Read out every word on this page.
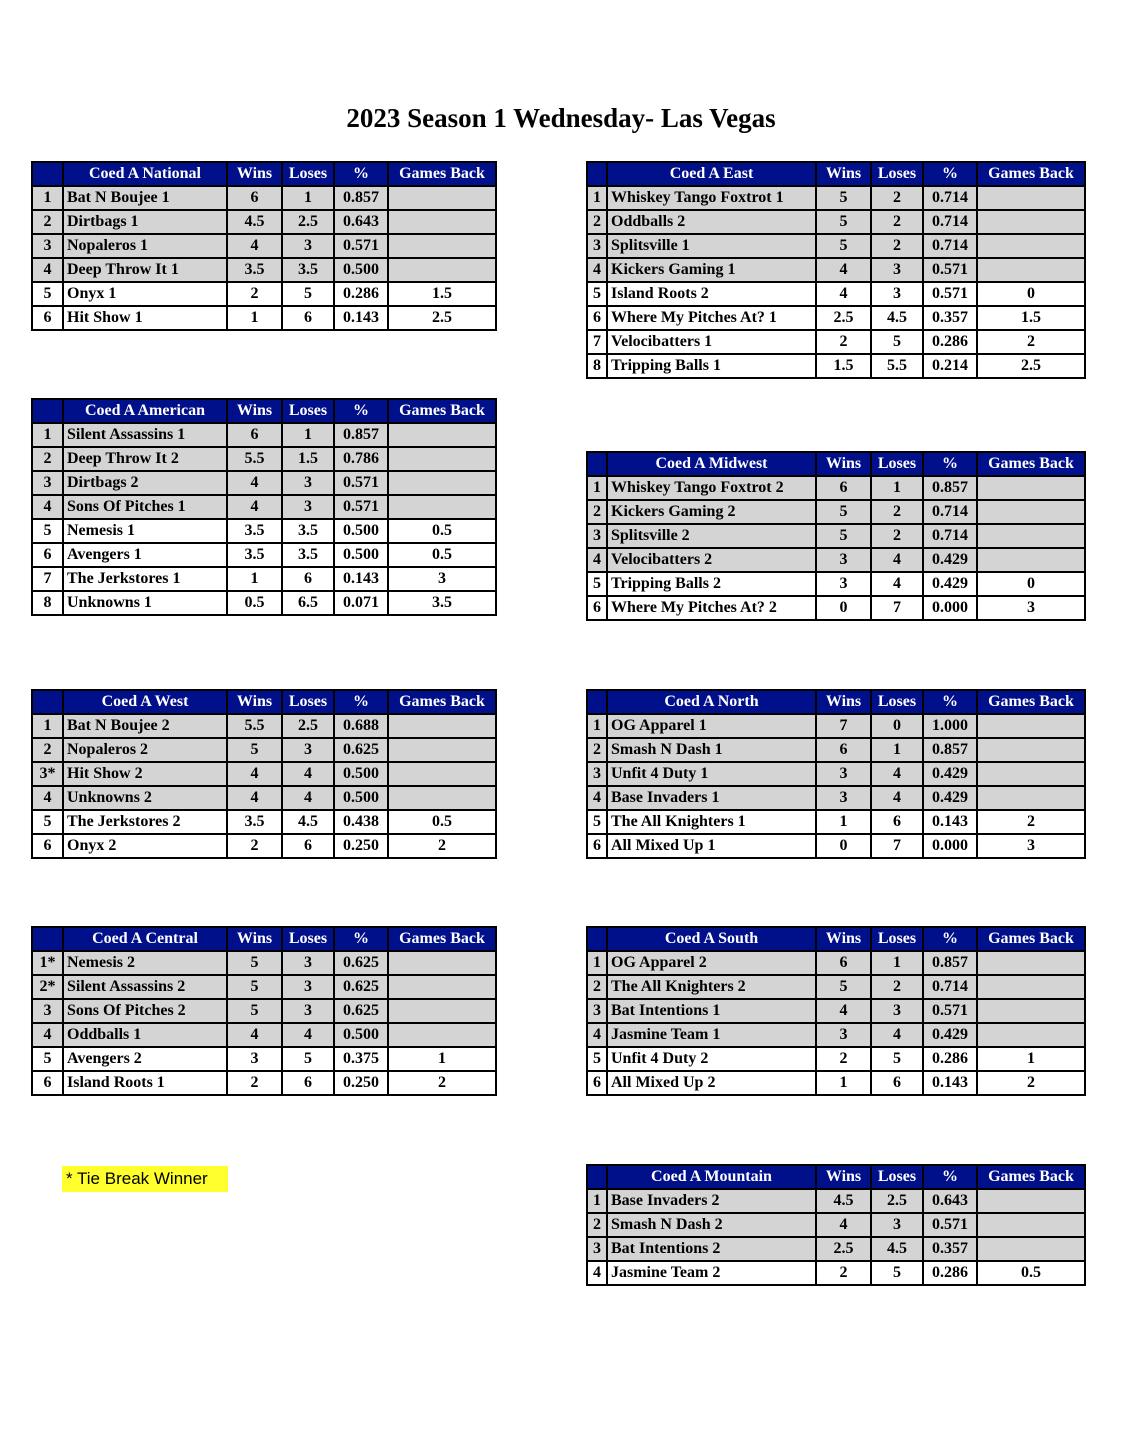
2023 Season 1 Wednesday- Las Vegas
	Coed A National	Wins	Loses	%	Games Back
1	Bat N Boujee 1	6	1	0.857	
2	Dirtbags 1	4.5	2.5	0.643	
3	Nopaleros 1	4	3	0.571	
4	Deep Throw It 1	3.5	3.5	0.500	
5	Onyx 1	2	5	0.286	1.5
6	Hit Show 1	1	6	0.143	2.5
	Coed A East	Wins	Loses	%	Games Back
1	Whiskey Tango Foxtrot 1	5	2	0.714	
2	Oddballs 2	5	2	0.714	
3	Splitsville 1	5	2	0.714	
4	Kickers Gaming 1	4	3	0.571	
5	Island Roots 2	4	3	0.571	0
6	Where My Pitches At? 1	2.5	4.5	0.357	1.5
7	Velocibatters 1	2	5	0.286	2
8	Tripping Balls 1	1.5	5.5	0.214	2.5
	Coed A American	Wins	Loses	%	Games Back
1	Silent Assassins 1	6	1	0.857	
2	Deep Throw It 2	5.5	1.5	0.786	
3	Dirtbags 2	4	3	0.571	
4	Sons Of Pitches 1	4	3	0.571	
5	Nemesis 1	3.5	3.5	0.500	0.5
6	Avengers 1	3.5	3.5	0.500	0.5
7	The Jerkstores 1	1	6	0.143	3
8	Unknowns 1	0.5	6.5	0.071	3.5
	Coed A Midwest	Wins	Loses	%	Games Back
1	Whiskey Tango Foxtrot 2	6	1	0.857	
2	Kickers Gaming 2	5	2	0.714	
3	Splitsville 2	5	2	0.714	
4	Velocibatters 2	3	4	0.429	
5	Tripping Balls 2	3	4	0.429	0
6	Where My Pitches At? 2	0	7	0.000	3
	Coed A West	Wins	Loses	%	Games Back
1	Bat N Boujee 2	5.5	2.5	0.688	
2	Nopaleros 2	5	3	0.625	
3*	Hit Show 2	4	4	0.500	
4	Unknowns 2	4	4	0.500	
5	The Jerkstores 2	3.5	4.5	0.438	0.5
6	Onyx 2	2	6	0.250	2
	Coed A North	Wins	Loses	%	Games Back
1	OG Apparel 1	7	0	1.000	
2	Smash N Dash 1	6	1	0.857	
3	Unfit 4 Duty 1	3	4	0.429	
4	Base Invaders 1	3	4	0.429	
5	The All Knighters 1	1	6	0.143	2
6	All Mixed Up 1	0	7	0.000	3
	Coed A Central	Wins	Loses	%	Games Back
1*	Nemesis 2	5	3	0.625	
2*	Silent Assassins 2	5	3	0.625	
3	Sons Of Pitches 2	5	3	0.625	
4	Oddballs 1	4	4	0.500	
5	Avengers 2	3	5	0.375	1
6	Island Roots 1	2	6	0.250	2
	Coed A South	Wins	Loses	%	Games Back
1	OG Apparel 2	6	1	0.857	
2	The All Knighters 2	5	2	0.714	
3	Bat Intentions 1	4	3	0.571	
4	Jasmine Team 1	3	4	0.429	
5	Unfit 4 Duty 2	2	5	0.286	1
6	All Mixed Up 2	1	6	0.143	2
	Coed A Mountain	Wins	Loses	%	Games Back
1	Base Invaders 2	4.5	2.5	0.643	
2	Smash N Dash 2	4	3	0.571	
3	Bat Intentions 2	2.5	4.5	0.357	
4	Jasmine Team 2	2	5	0.286	0.5
* Tie Break Winner
